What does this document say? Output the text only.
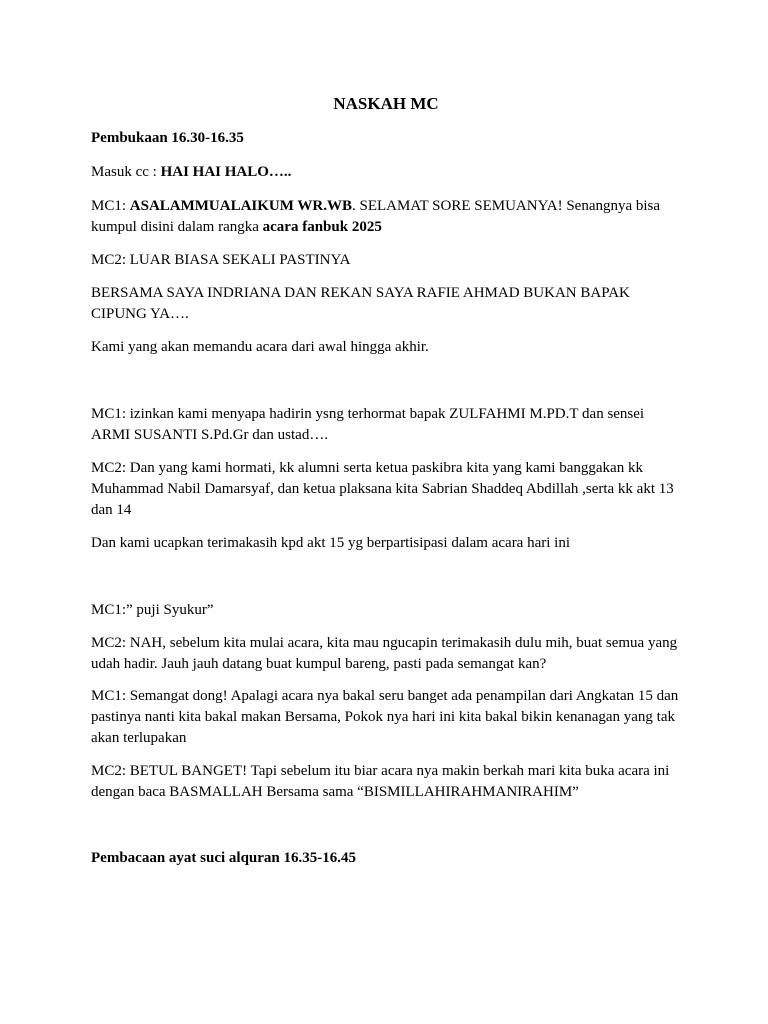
NASKAH MC

Pembukaan 16.30-16.35

Masuk cc : HAI HAI HALO…..

MC1: ASALAMMUALAIKUM WR.WB. SELAMAT SORE SEMUANYA! Senangnya bisa kumpul disini dalam rangka acara fanbuk 2025

MC2: LUAR BIASA SEKALI PASTINYA

BERSAMA SAYA INDRIANA DAN REKAN SAYA RAFIE AHMAD BUKAN BAPAK CIPUNG YA….

Kami yang akan memandu acara dari awal hingga akhir.

MC1: izinkan kami menyapa hadirin ysng terhormat bapak ZULFAHMI M.PD.T dan sensei ARMI SUSANTI S.Pd.Gr dan ustad….

MC2: Dan yang kami hormati, kk alumni serta ketua paskibra kita yang kami banggakan kk Muhammad Nabil Damarsyaf, dan ketua plaksana kita Sabrian Shaddeq Abdillah ,serta kk akt 13 dan 14

Dan kami ucapkan terimakasih kpd akt 15 yg berpartisipasi dalam acara hari ini

MC1:” puji Syukur”

MC2: NAH, sebelum kita mulai acara, kita mau ngucapin terimakasih dulu mih, buat semua yang udah hadir. Jauh jauh datang buat kumpul bareng, pasti pada semangat kan?

MC1: Semangat dong! Apalagi acara nya bakal seru banget ada penampilan dari Angkatan 15 dan pastinya nanti kita bakal makan Bersama, Pokok nya hari ini kita bakal bikin kenanagan yang tak akan terlupakan

MC2: BETUL BANGET! Tapi sebelum itu biar acara nya makin berkah mari kita buka acara ini dengan baca BASMALLAH Bersama sama “BISMILLAHIRAHMANIRAHIM”

Pembacaan ayat suci alquran 16.35-16.45
